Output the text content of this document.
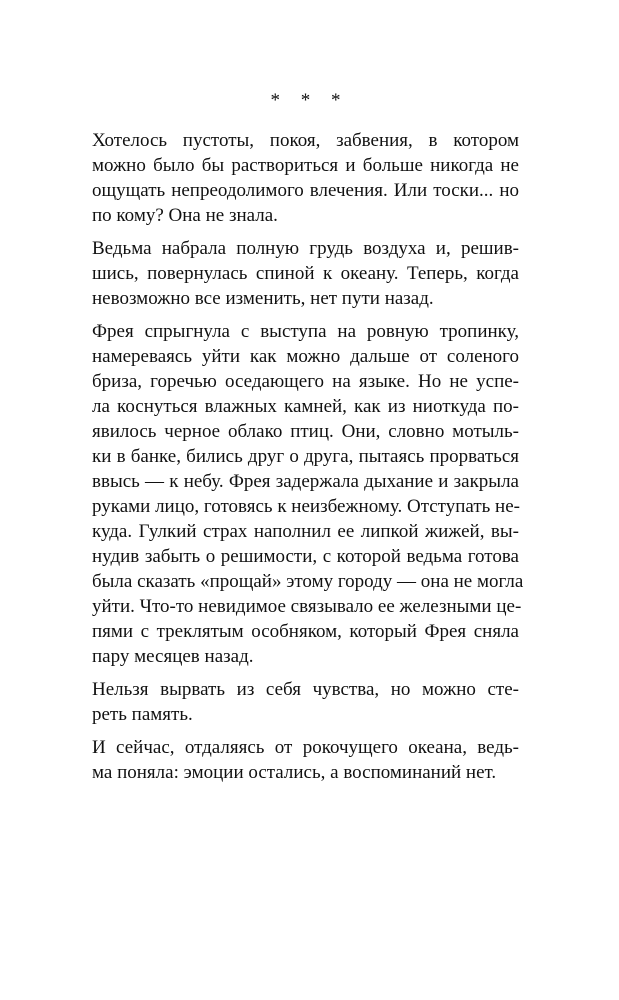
* * *
Хотелось пустоты, покоя, забвения, в котором
можно было бы раствориться и больше никогда не
ощущать непреодолимого влечения. Или тоски... но
по кому? Она не знала.
Ведьма набрала полную грудь воздуха и, решив-
шись, повернулась спиной к океану. Теперь, когда
невозможно все изменить, нет пути назад.
Фрея спрыгнула с выступа на ровную тропинку,
намереваясь уйти как можно дальше от соленого
бриза, горечью оседающего на языке. Но не успе-
ла коснуться влажных камней, как из ниоткуда по-
явилось черное облако птиц. Они, словно мотыль-
ки в банке, бились друг о друга, пытаясь прорваться
ввысь — к небу. Фрея задержала дыхание и закрыла
руками лицо, готовясь к неизбежному. Отступать не-
куда. Гулкий страх наполнил ее липкой жижей, вы-
нудив забыть о решимости, с которой ведьма готова
была сказать «прощай» этому городу — она не могла
уйти. Что-то невидимое связывало ее железными це-
пями с треклятым особняком, который Фрея сняла
пару месяцев назад.
Нельзя вырвать из себя чувства, но можно сте-
реть память.
И сейчас, отдаляясь от рокочущего океана, ведь-
ма поняла: эмоции остались, а воспоминаний нет.
